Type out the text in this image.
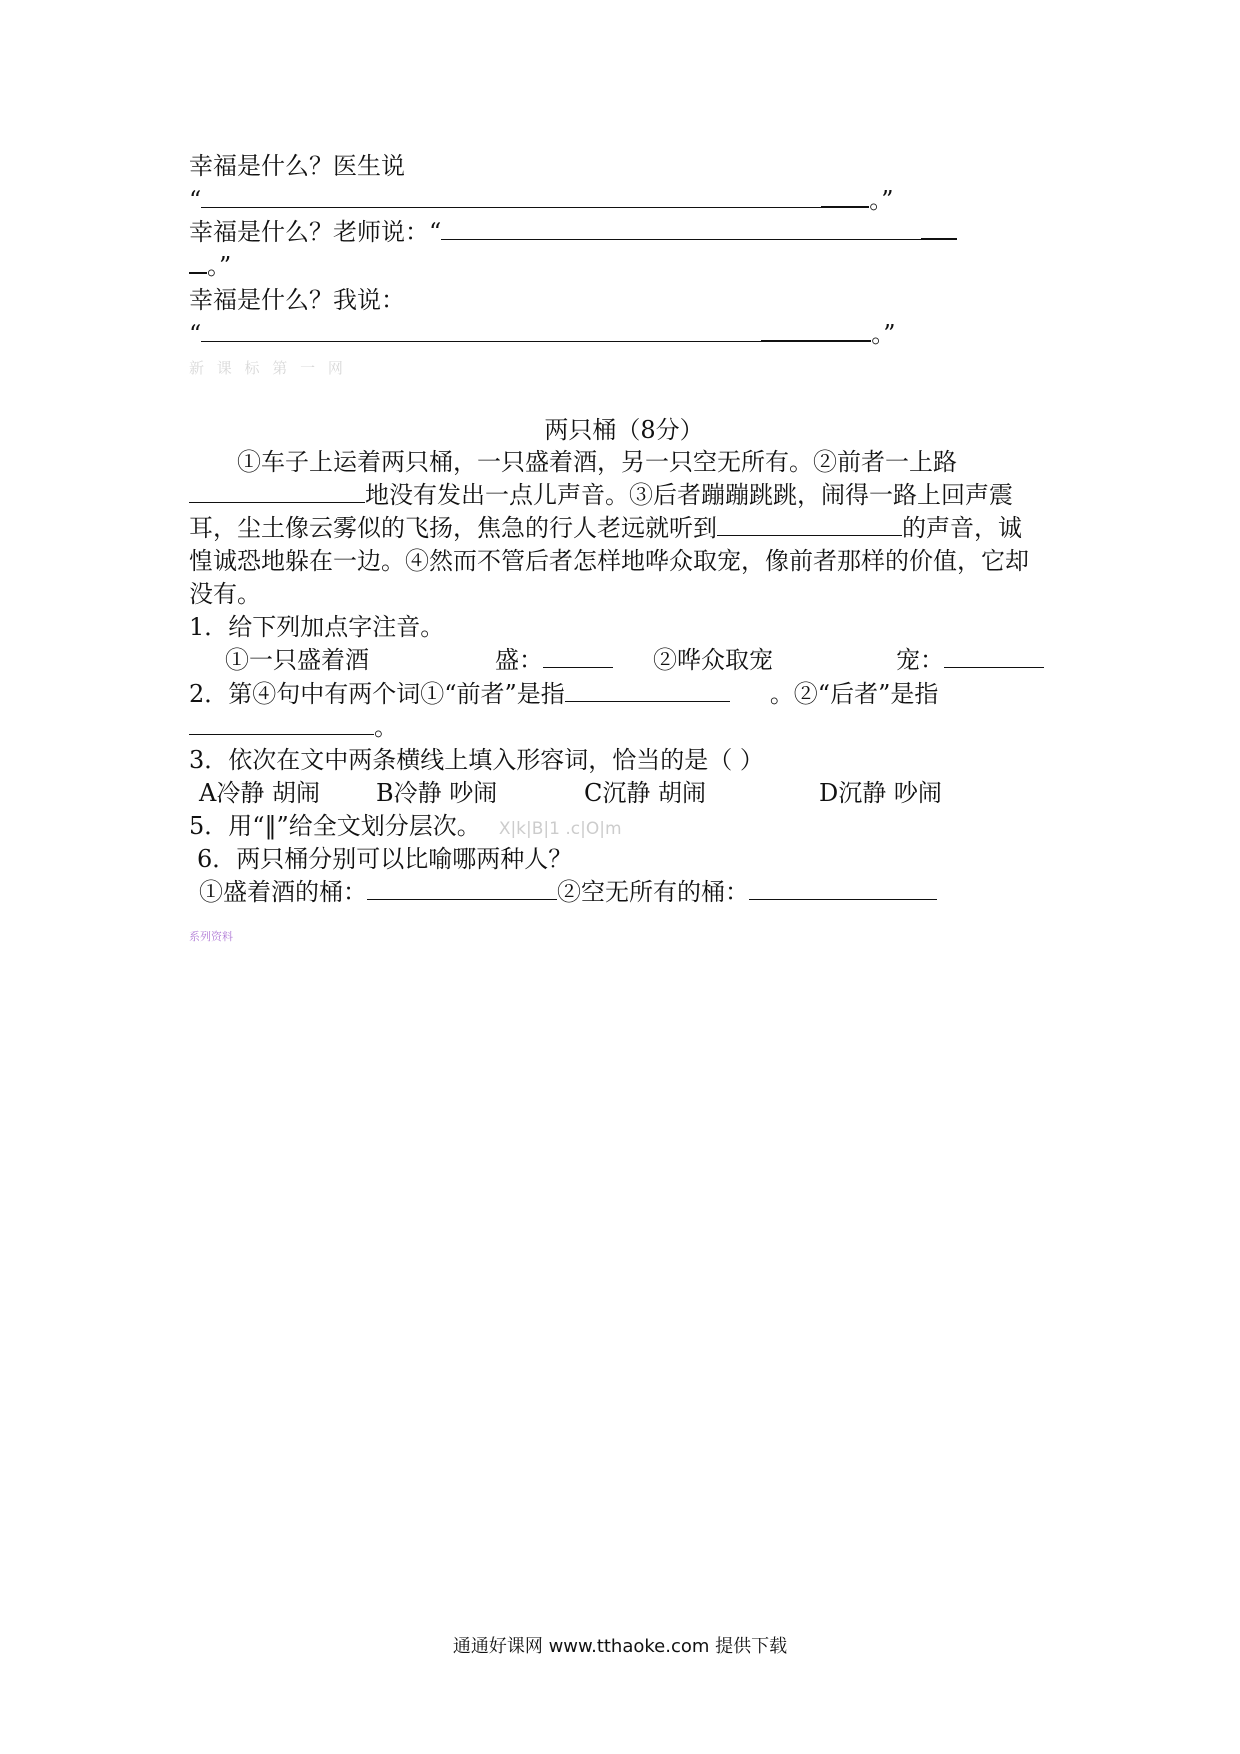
幸福是什么？医生说
“	。”
幸福是什么？老师说：“
。”
幸福是什么？我说：
“	。”
新 课 标 第 一 网
两只桶（8分）
①车子上运着两只桶，一只盛着酒，另一只空无所有。②前者一上路
地没有发出一点儿声音。③后者蹦蹦跳跳，闹得一路上回声震
耳，尘土像云雾似的飞扬，焦急的行人老远就听到	的声音，诚
惶诚恐地躲在一边。④然而不管后者怎样地哗众取宠，像前者那样的价值，它却
没有。
1．给下列加点字注音。
①一只盛着酒	盛：	②哗众取宠	宠：
2．第④句中有两个词①“前者”是指	。②“后者”是指
。
3．依次在文中两条横线上填入形容词，恰当的是（ ）
A冷静 胡闹 B冷静 吵闹	C沉静 胡闹	D沉静 吵闹
5．用“‖”给全文划分层次。 X|k|B|1 .c|O|m
6．两只桶分别可以比喻哪两种人？
①盛着酒的桶：	②空无所有的桶：
系列资料
通通好课网 www.tthaoke.com 提供下载
